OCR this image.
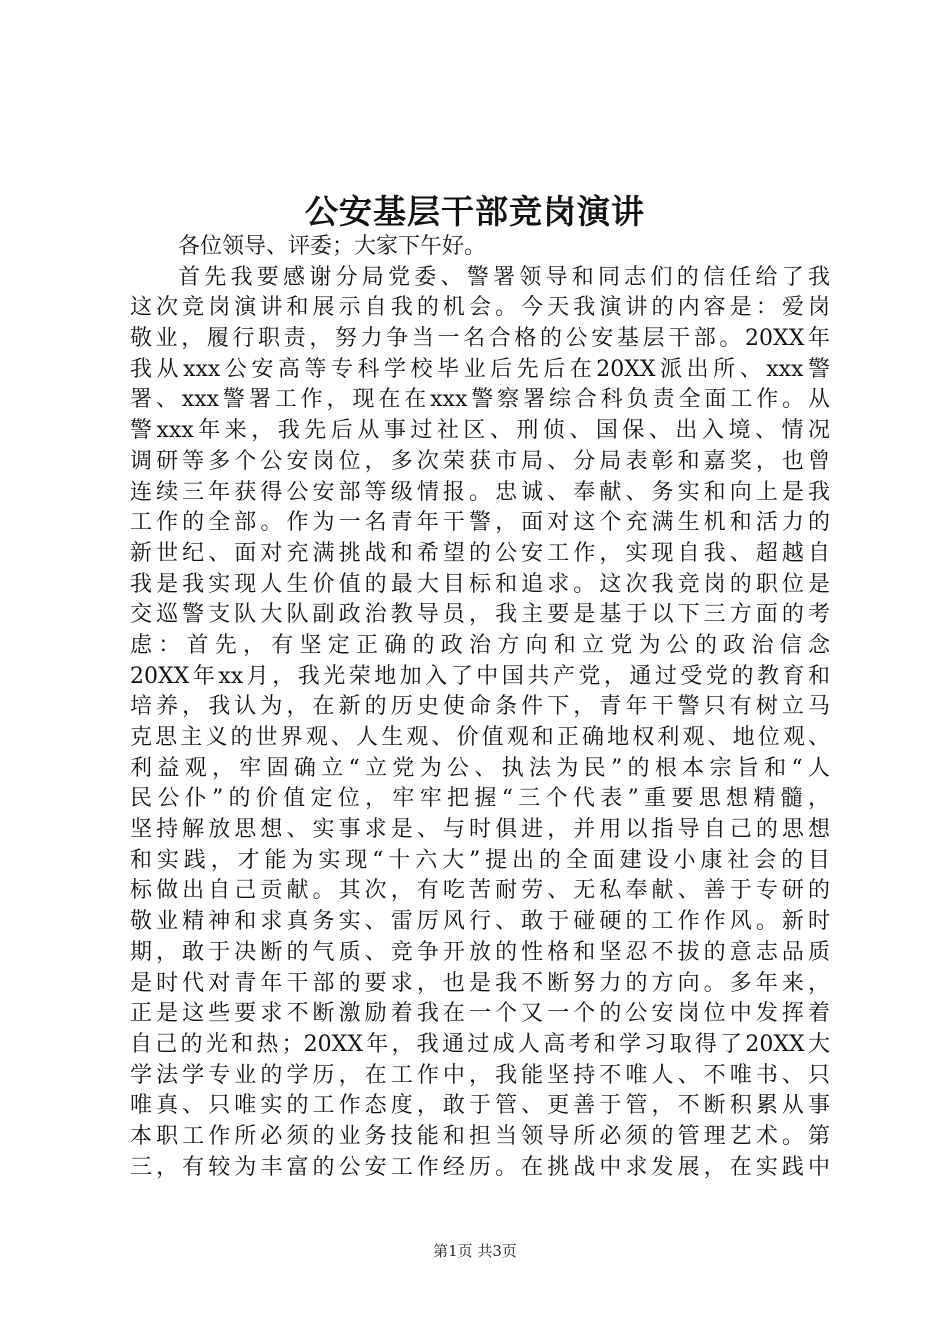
公安基层干部竞岗演讲
各位领导、评委；大家下午好。
首先我要感谢分局党委、警署领导和同志们的信任给了我
这次竞岗演讲和展示自我的机会。今天我演讲的内容是：爱岗
敬业，履行职责，努力争当一名合格的公安基层干部。20XX年
我从xxx公安高等专科学校毕业后先后在20XX派出所、xxx警
署、xxx警署工作，现在在xxx警察署综合科负责全面工作。从
警xxx年来，我先后从事过社区、刑侦、国保、出入境、情况
调研等多个公安岗位，多次荣获市局、分局表彰和嘉奖，也曾
连续三年获得公安部等级情报。忠诚、奉献、务实和向上是我
工作的全部。作为一名青年干警，面对这个充满生机和活力的
新世纪、面对充满挑战和希望的公安工作，实现自我、超越自
我是我实现人生价值的最大目标和追求。这次我竞岗的职位是
交巡警支队大队副政治教导员，我主要是基于以下三方面的考
虑：首先，有坚定正确的政治方向和立党为公的政治信念
20XX年xx月，我光荣地加入了中国共产党，通过受党的教育和
培养，我认为，在新的历史使命条件下，青年干警只有树立马
克思主义的世界观、人生观、价值观和正确地权利观、地位观、
利益观，牢固确立“立党为公、执法为民”的根本宗旨和“人
民公仆”的价值定位，牢牢把握“三个代表”重要思想精髓，
坚持解放思想、实事求是、与时俱进，并用以指导自己的思想
和实践，才能为实现“十六大”提出的全面建设小康社会的目
标做出自己贡献。其次，有吃苦耐劳、无私奉献、善于专研的
敬业精神和求真务实、雷厉风行、敢于碰硬的工作作风。新时
期，敢于决断的气质、竞争开放的性格和坚忍不拔的意志品质
是时代对青年干部的要求，也是我不断努力的方向。多年来，
正是这些要求不断激励着我在一个又一个的公安岗位中发挥着
自己的光和热；20XX年，我通过成人高考和学习取得了20XX大
学法学专业的学历，在工作中，我能坚持不唯人、不唯书、只
唯真、只唯实的工作态度，敢于管、更善于管，不断积累从事
本职工作所必须的业务技能和担当领导所必须的管理艺术。第
三，有较为丰富的公安工作经历。在挑战中求发展，在实践中
第1页 共3页
